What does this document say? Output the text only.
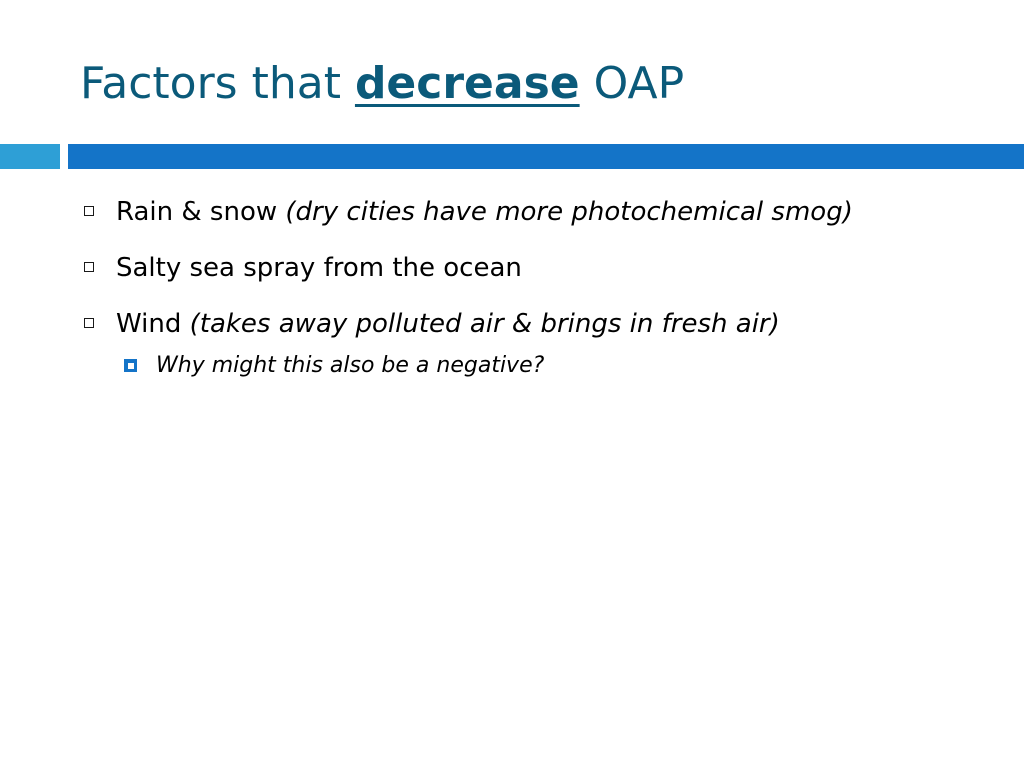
Factors that decrease OAP
Rain & snow (dry cities have more photochemical smog)
Salty sea spray from the ocean
Wind (takes away polluted air & brings in fresh air)
Why might this also be a negative?
